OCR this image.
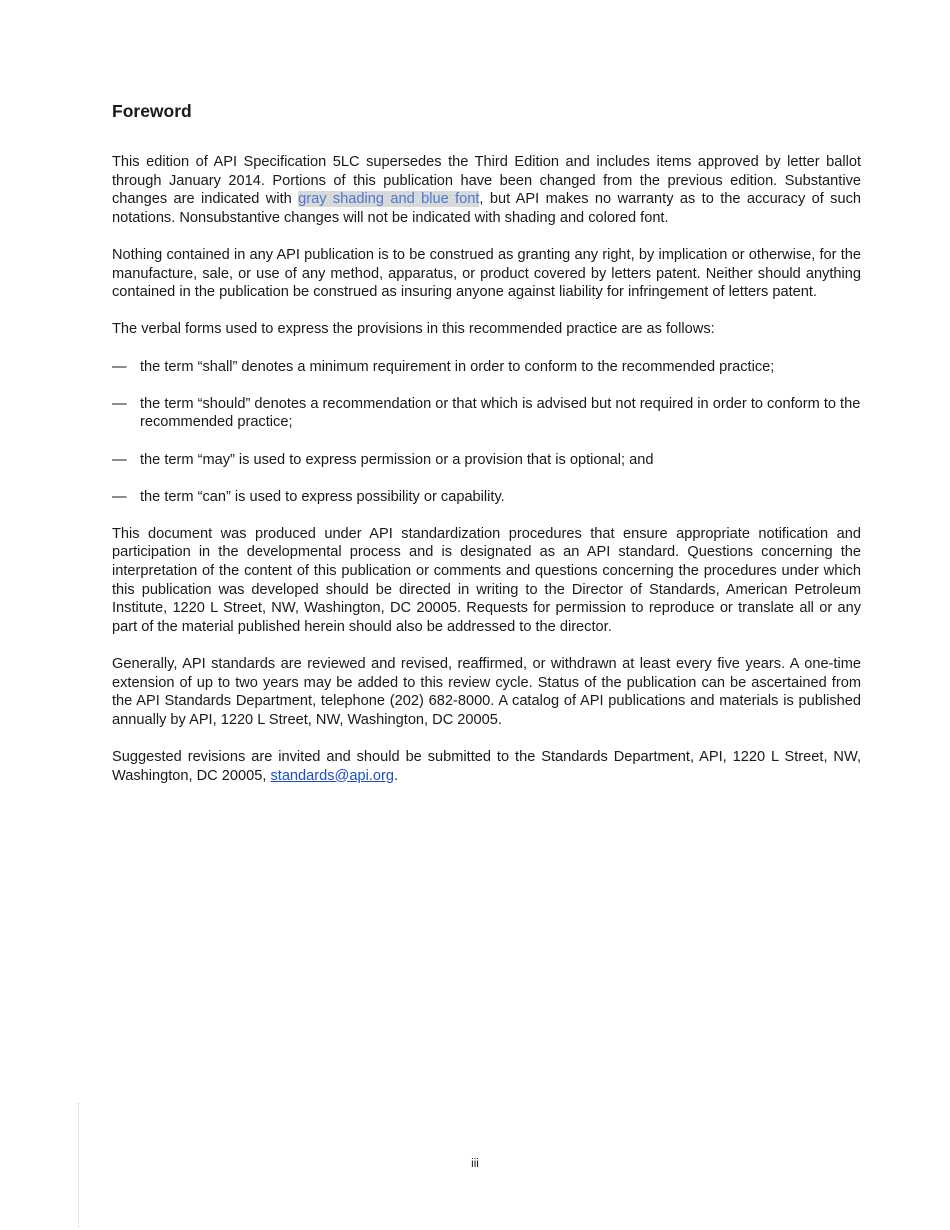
Foreword

This edition of API Specification 5LC supersedes the Third Edition and includes items approved by letter ballot through January 2014. Portions of this publication have been changed from the previous edition. Substantive changes are indicated with gray shading and blue font, but API makes no warranty as to the accuracy of such notations. Nonsubstantive changes will not be indicated with shading and colored font.

Nothing contained in any API publication is to be construed as granting any right, by implication or otherwise, for the manufacture, sale, or use of any method, apparatus, or product covered by letters patent. Neither should anything contained in the publication be construed as insuring anyone against liability for infringement of letters patent.

The verbal forms used to express the provisions in this recommended practice are as follows:

— the term “shall” denotes a minimum requirement in order to conform to the recommended practice;
— the term “should” denotes a recommendation or that which is advised but not required in order to conform to the recommended practice;
— the term “may” is used to express permission or a provision that is optional; and
— the term “can” is used to express possibility or capability.

This document was produced under API standardization procedures that ensure appropriate notification and participation in the developmental process and is designated as an API standard. Questions concerning the interpretation of the content of this publication or comments and questions concerning the procedures under which this publication was developed should be directed in writing to the Director of Standards, American Petroleum Institute, 1220 L Street, NW, Washington, DC 20005. Requests for permission to reproduce or translate all or any part of the material published herein should also be addressed to the director.

Generally, API standards are reviewed and revised, reaffirmed, or withdrawn at least every five years. A one-time extension of up to two years may be added to this review cycle. Status of the publication can be ascertained from the API Standards Department, telephone (202) 682-8000. A catalog of API publications and materials is published annually by API, 1220 L Street, NW, Washington, DC 20005.

Suggested revisions are invited and should be submitted to the Standards Department, API, 1220 L Street, NW, Washington, DC 20005, standards@api.org.

iii
